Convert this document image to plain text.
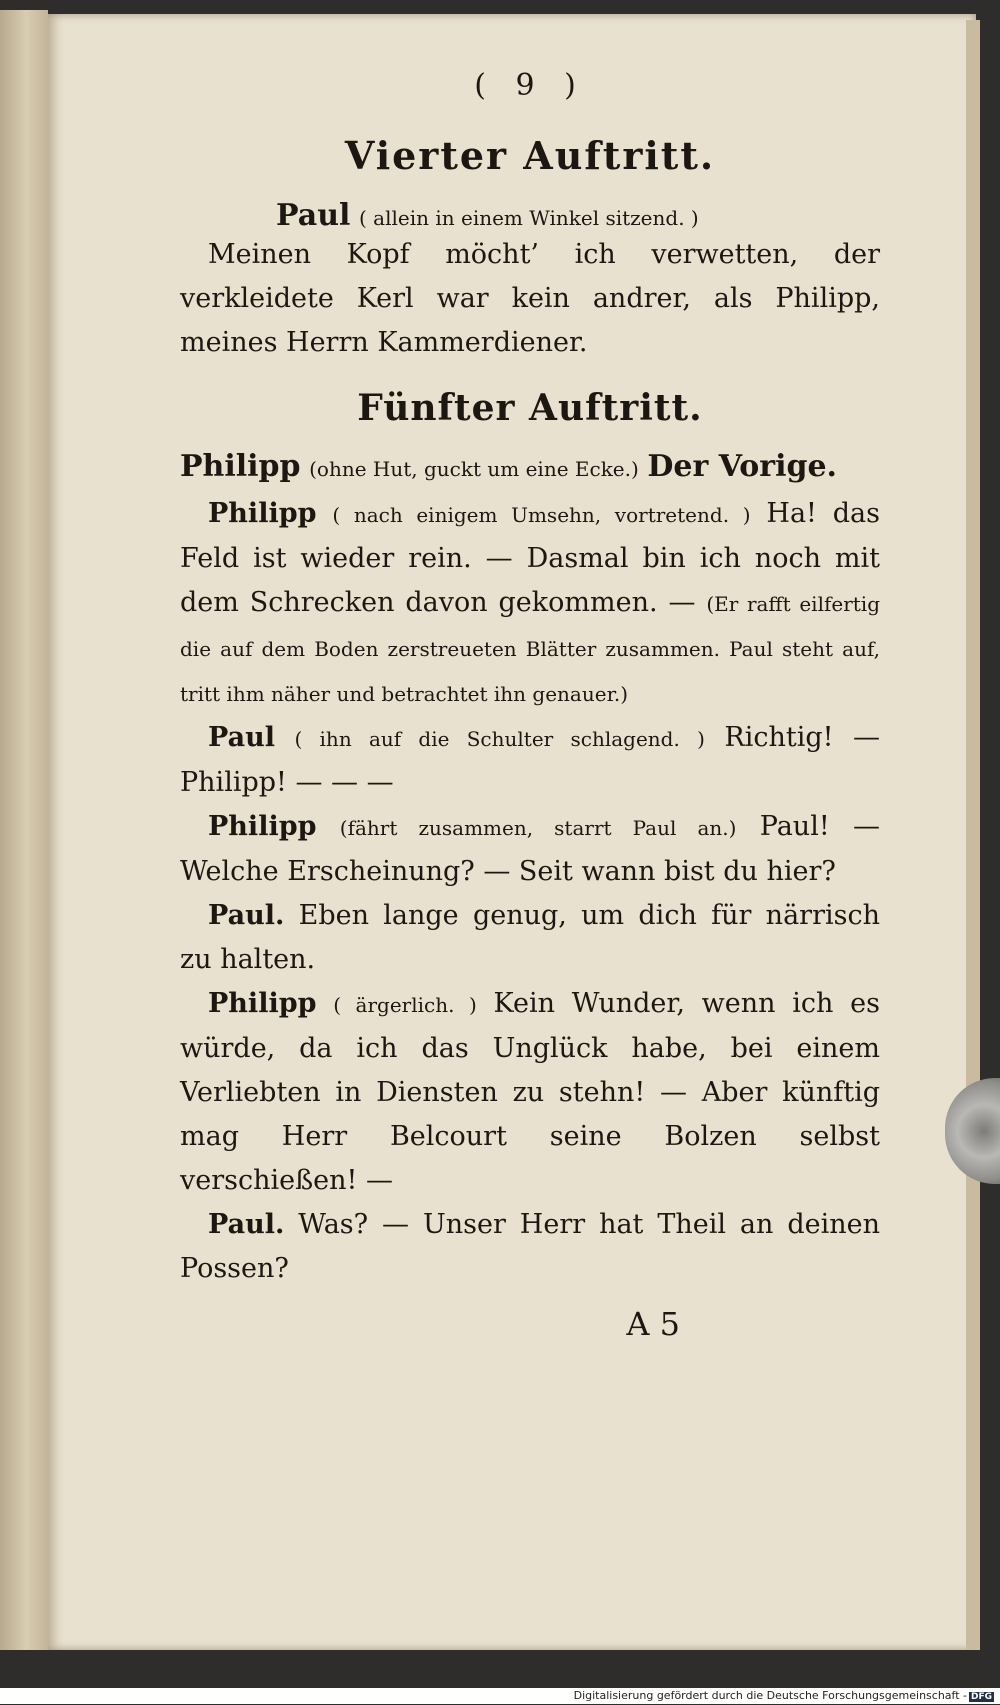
( 9 )
Vierter Auftritt.
Paul ( allein in einem Winkel sitzend. )

Meinen Kopf möcht’ ich verwetten, der verkleidete Kerl war kein andrer, als Philipp, meines Herrn Kammerdiener.

Fünfter Auftritt.
Philipp (ohne Hut, guckt um eine Ecke.) Der Vorige.

Philipp ( nach einigem Umsehn, vortretend. ) Ha! das Feld ist wieder rein. — Dasmal bin ich noch mit dem Schrecken davon gekommen. — (Er rafft eilfertig die auf dem Boden zerstreueten Blätter zusammen. Paul steht auf, tritt ihm näher und betrachtet ihn genauer.)

Paul ( ihn auf die Schulter schlagend. ) Richtig! — Philipp! — — —

Philipp (fährt zusammen, starrt Paul an.) Paul! — Welche Erscheinung? — Seit wann bist du hier?

Paul. Eben lange genug, um dich für närrisch zu halten.

Philipp ( ärgerlich. ) Kein Wunder, wenn ich es würde, da ich das Unglück habe, bei einem Verliebten in Diensten zu stehn! — Aber künftig mag Herr Belcourt seine Bolzen selbst verschießen! —

Paul. Was? — Unser Herr hat Theil an deinen Possen?

A 5
Digitalisierung gefördert durch die Deutsche Forschungsgemeinschaft - DFG
